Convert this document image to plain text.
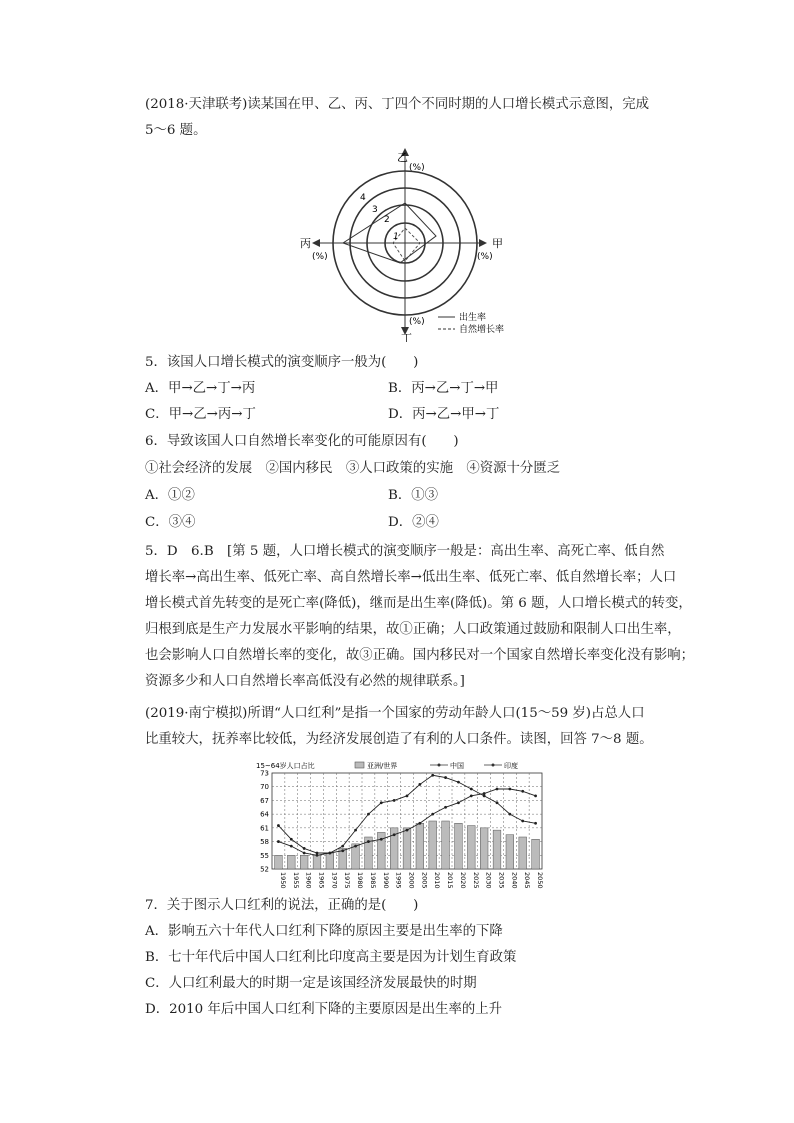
(2018·天津联考)读某国在甲、乙、丙、丁四个不同时期的人口增长模式示意图，完成
5～6 题。
1
2
3
4
乙
(%)
甲
(%)
丙
(%)
丁
(%)	出生率
自然增长率
5．该国人口增长模式的演变顺序一般为(　　)
A．甲→乙→丁→丙	B．丙→乙→丁→甲
C．甲→乙→丙→丁	D．丙→乙→甲→丁
6．导致该国人口自然增长率变化的可能原因有(　　)
①社会经济的发展　②国内移民　③人口政策的实施　④资源十分匮乏
A．①②	B．①③
C．③④	D．②④
5．D　6.B　[第 5 题，人口增长模式的演变顺序一般是：高出生率、高死亡率、低自然
增长率→高出生率、低死亡率、高自然增长率→低出生率、低死亡率、低自然增长率；人口
增长模式首先转变的是死亡率(降低)，继而是出生率(降低)。第 6 题，人口增长模式的转变，
归根到底是生产力发展水平影响的结果，故①正确；人口政策通过鼓励和限制人口出生率，
也会影响人口自然增长率的变化，故③正确。国内移民对一个国家自然增长率变化没有影响；
资源多少和人口自然增长率高低没有必然的规律联系。]
(2019·南宁模拟)所谓“人口红利”是指一个国家的劳动年龄人口(15～59 岁)占总人口
比重较大，抚养率比较低，为经济发展创造了有利的人口条件。读图，回答 7～8 题。
15~64岁人口占比	亚洲/世界	中国	印度
52
55
58
61
64
67
70
73
1950 1955 1960 1965 1970 1975 1980 1985 1990 1995 2000 2005 2010 2015 2020 2025 2030 2035 2040 2045 2050
7．关于图示人口红利的说法，正确的是(　　)
A．影响五六十年代人口红利下降的原因主要是出生率的下降
B．七十年代后中国人口红利比印度高主要是因为计划生育政策
C．人口红利最大的时期一定是该国经济发展最快的时期
D．2010 年后中国人口红利下降的主要原因是出生率的上升
